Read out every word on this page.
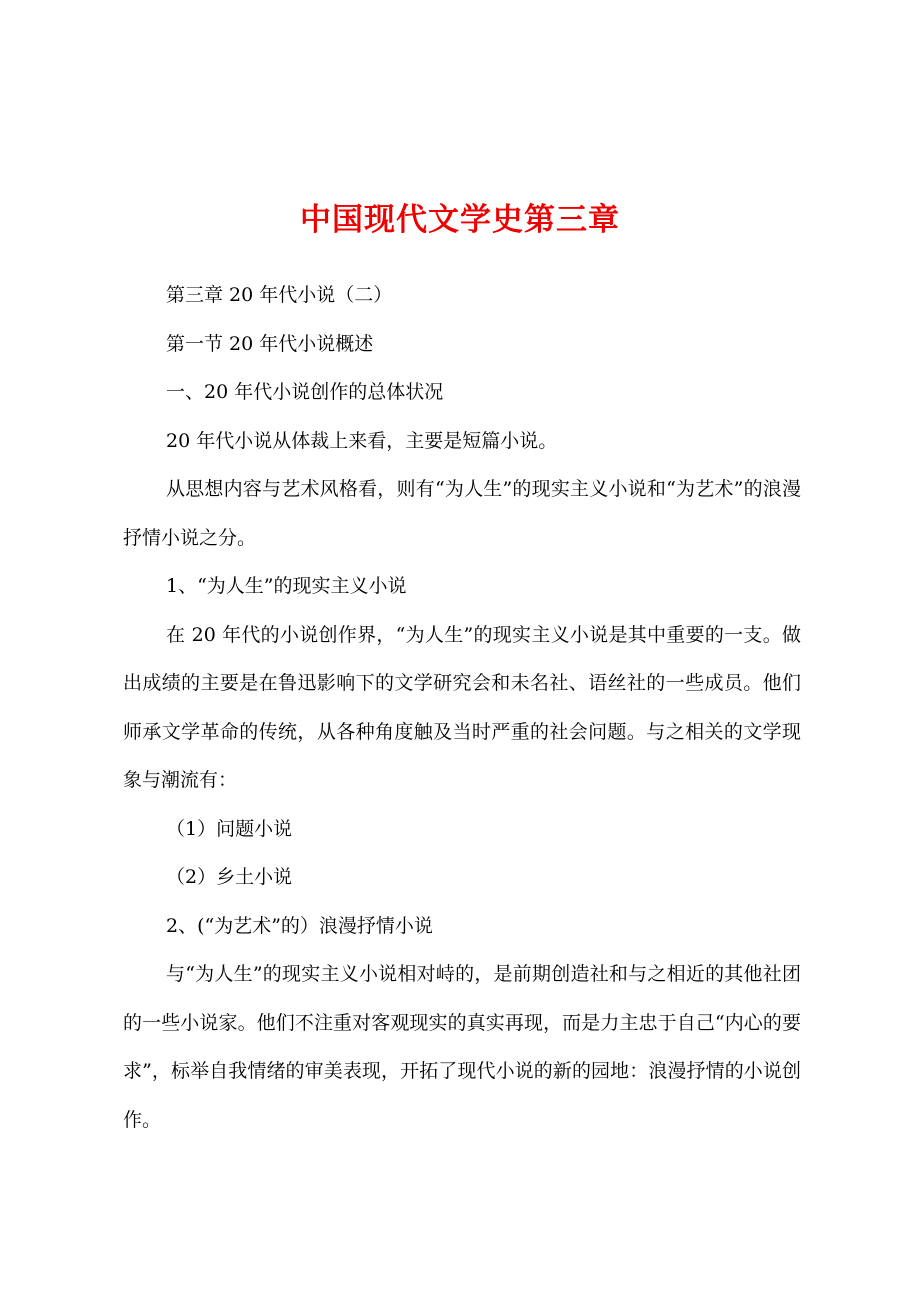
中国现代文学史第三章

第三章 20 年代小说（二）

第一节 20 年代小说概述

一、20 年代小说创作的总体状况

20 年代小说从体裁上来看，主要是短篇小说。

从思想内容与艺术风格看，则有“为人生”的现实主义小说和“为艺术”的浪漫抒情小说之分。

1、“为人生”的现实主义小说

在 20 年代的小说创作界，“为人生”的现实主义小说是其中重要的一支。做出成绩的主要是在鲁迅影响下的文学研究会和未名社、语丝社的一些成员。他们师承文学革命的传统，从各种角度触及当时严重的社会问题。与之相关的文学现象与潮流有：

（1）问题小说

（2）乡土小说

2、(“为艺术”的）浪漫抒情小说

与“为人生”的现实主义小说相对峙的，是前期创造社和与之相近的其他社团的一些小说家。他们不注重对客观现实的真实再现，而是力主忠于自己“内心的要求”，标举自我情绪的审美表现，开拓了现代小说的新的园地：浪漫抒情的小说创作。
